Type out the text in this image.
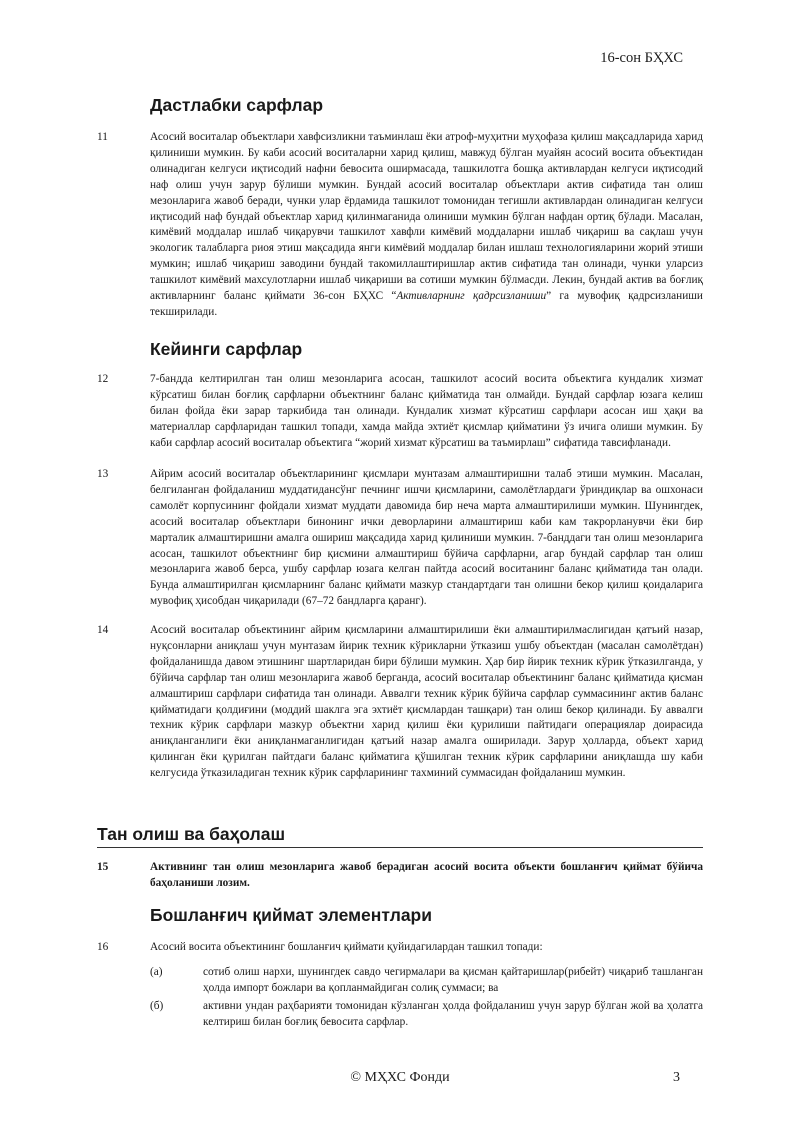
16-сон БҲХС
Дастлабки сарфлар
11	Асосий воситалар объектлари хавфсизликни таъминлаш ёки атроф-муҳитни муҳофаза қилиш мақсадларида харид қилиниши мумкин. Бу каби асосий воситаларни харид қилиш, мавжуд бўлган муайян асосий восита объектидан олинадиган келгуси иқтисодий нафни бевосита оширмасада, ташкилотга бошқа активлардан келгуси иқтисодий наф олиш учун зарур бўлиши мумкин. Бундай асосий воситалар объектлари актив сифатида тан олиш мезонларига жавоб беради, чунки улар ёрдамида ташкилот томонидан тегишли активлардан олинадиган келгуси иқтисодий наф бундай объектлар харид қилинмаганида олиниши мумкин бўлган нафдан ортиқ бўлади. Масалан, кимёвий моддалар ишлаб чиқарувчи ташкилот хавфли кимёвий моддаларни ишлаб чиқариш ва сақлаш учун экологик талабларга риоя этиш мақсадида янги кимёвий моддалар билан ишлаш технологияларини жорий этиши мумкин; ишлаб чиқариш заводини бундай такомиллаштиришлар актив сифатида тан олинади, чунки уларсиз ташкилот кимёвий махсулотларни ишлаб чиқариши ва сотиши мумкин бўлмасди. Лекин, бундай актив ва боғлиқ активларнинг баланс қиймати 36-сон БҲХС “Активларнинг қадрсизланиши” га мувофиқ қадрсизланиши текширилади.
Кейинги сарфлар
12	7-бандда келтирилган тан олиш мезонларига асосан, ташкилот асосий восита объектига кундалик хизмат кўрсатиш билан боғлиқ сарфларни объектнинг баланс қийматида тан олмайди. Бундай сарфлар юзага келиш билан фойда ёки зарар таркибида тан олинади. Кундалик хизмат кўрсатиш сарфлари асосан иш ҳақи ва материаллар сарфларидан ташкил топади, хамда майда эхтиёт қисмлар қийматини ўз ичига олиши мумкин. Бу каби сарфлар асосий воситалар объектига “жорий хизмат кўрсатиш ва таъмирлаш” сифатида тавсифланади.
13	Айрим асосий воситалар объектларининг қисмлари мунтазам алмаштиришни талаб этиши мумкин. Масалан, белгиланган фойдаланиш муддатидансўнг печнинг ишчи қисмларини, самолётлардаги ўриндиқлар ва ошхонаси самолёт корпусининг фойдали хизмат муддати давомида бир неча марта алмаштирилиши мумкин. Шунингдек, асосий воситалар объектлари бинонинг ички деворларини алмаштириш каби кам такрорланувчи ёки бир марталик алмаштиришни амалга ошириш мақсадида харид қилиниши мумкин. 7-банддаги тан олиш мезонларига асосан, ташкилот объектнинг бир қисмини алмаштириш бўйича сарфларни, агар бундай сарфлар тан олиш мезонларига жавоб берса, ушбу сарфлар юзага келган пайтда асосий воситанинг баланс қийматида тан олади. Бунда алмаштирилган қисмларнинг баланс қиймати мазкур стандартдаги тан олишни бекор қилиш қоидаларига мувофиқ ҳисобдан чиқарилади (67–72 бандларга қаранг).
14	Асосий воситалар объектининг айрим қисмларини алмаштирилиши ёки алмаштирилмаслигидан қатъий назар, нуқсонларни аниқлаш учун мунтазам йирик техник кўрикларни ўтказиш ушбу объектдан (масалан самолётдан) фойдаланишда давом этишнинг шартларидан бири бўлиши мумкин. Ҳар бир йирик техник кўрик ўтказилганда, у бўйича сарфлар тан олиш мезонларига жавоб берганда, асосий воситалар объектининг баланс қийматида қисман алмаштириш сарфлари сифатида тан олинади. Аввалги техник кўрик бўйича сарфлар суммасининг актив баланс қийматидаги қолдиғини (моддий шаклга эга эхтиёт қисмлардан ташқари) тан олиш бекор қилинади. Бу аввалги техник кўрик сарфлари мазкур объектни харид қилиш ёки қурилиши пайтидаги операциялар доирасида аниқланганлиги ёки аниқланмаганлигидан қатъий назар амалга оширилади. Зарур ҳолларда, объект харид қилинган ёки қурилган пайтдаги баланс қийматига қўшилган техник кўрик сарфларини аниқлашда шу каби келгусида ўтказиладиган техник кўрик сарфларининг тахминий суммасидан фойдаланиш мумкин.
Тан олиш ва баҳолаш
15	Активнинг тан олиш мезонларига жавоб берадиган асосий восита объекти бошланғич қиймат бўйича баҳоланиши лозим.
Бошланғич қиймат элементлари
16	Асосий восита объектининг бошланғич қиймати қуйидагилардан ташкил топади:
(а)	сотиб олиш нархи, шунингдек савдо чегирмалари ва қисман қайтаришлар(рибейт) чиқариб ташланган ҳолда импорт божлари ва қопланмайдиган солиқ суммаси; ва
(б)	активни ундан раҳбарияти томонидан кўзланган ҳолда фойдаланиш учун зарур бўлган жой ва ҳолатга келтириш билан боғлиқ бевосита сарфлар.
© МҲХС Фонди	3
